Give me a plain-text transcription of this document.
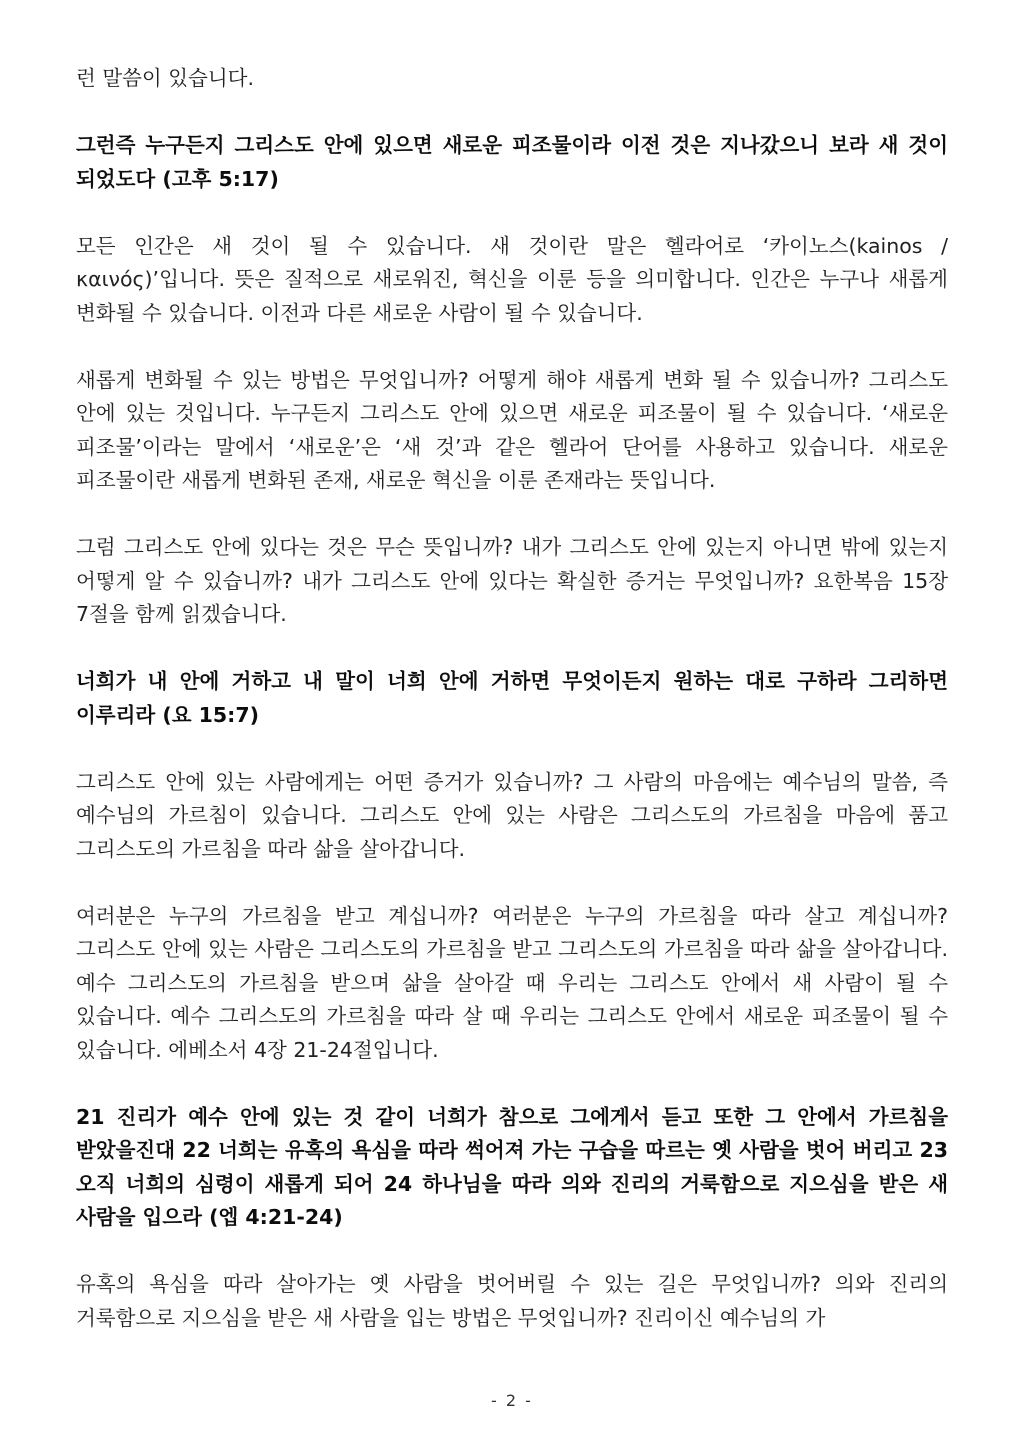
런 말씀이 있습니다.

그런즉 누구든지 그리스도 안에 있으면 새로운 피조물이라 이전 것은 지나갔으니 보라 새 것이 되었도다 (고후 5:17)

모든 인간은 새 것이 될 수 있습니다. 새 것이란 말은 헬라어로 ‘카이노스(kainos / καινός)’입니다. 뜻은 질적으로 새로워진, 혁신을 이룬 등을 의미합니다. 인간은 누구나 새롭게 변화될 수 있습니다. 이전과 다른 새로운 사람이 될 수 있습니다.

새롭게 변화될 수 있는 방법은 무엇입니까? 어떻게 해야 새롭게 변화 될 수 있습니까? 그리스도 안에 있는 것입니다. 누구든지 그리스도 안에 있으면 새로운 피조물이 될 수 있습니다. ‘새로운 피조물’이라는 말에서 ‘새로운’은 ‘새 것’과 같은 헬라어 단어를 사용하고 있습니다. 새로운 피조물이란 새롭게 변화된 존재, 새로운 혁신을 이룬 존재라는 뜻입니다.

그럼 그리스도 안에 있다는 것은 무슨 뜻입니까? 내가 그리스도 안에 있는지 아니면 밖에 있는지 어떻게 알 수 있습니까? 내가 그리스도 안에 있다는 확실한 증거는 무엇입니까? 요한복음 15장 7절을 함께 읽겠습니다.

너희가 내 안에 거하고 내 말이 너희 안에 거하면 무엇이든지 원하는 대로 구하라 그리하면 이루리라 (요 15:7)

그리스도 안에 있는 사람에게는 어떤 증거가 있습니까? 그 사람의 마음에는 예수님의 말씀, 즉 예수님의 가르침이 있습니다. 그리스도 안에 있는 사람은 그리스도의 가르침을 마음에 품고 그리스도의 가르침을 따라 삶을 살아갑니다.

여러분은 누구의 가르침을 받고 계십니까? 여러분은 누구의 가르침을 따라 살고 계십니까? 그리스도 안에 있는 사람은 그리스도의 가르침을 받고 그리스도의 가르침을 따라 삶을 살아갑니다. 예수 그리스도의 가르침을 받으며 삶을 살아갈 때 우리는 그리스도 안에서 새 사람이 될 수 있습니다. 예수 그리스도의 가르침을 따라 살 때 우리는 그리스도 안에서 새로운 피조물이 될 수 있습니다. 에베소서 4장 21-24절입니다.

21 진리가 예수 안에 있는 것 같이 너희가 참으로 그에게서 듣고 또한 그 안에서 가르침을 받았을진대 22 너희는 유혹의 욕심을 따라 썩어져 가는 구습을 따르는 옛 사람을 벗어 버리고 23 오직 너희의 심령이 새롭게 되어 24 하나님을 따라 의와 진리의 거룩함으로 지으심을 받은 새 사람을 입으라 (엡 4:21-24)

유혹의 욕심을 따라 살아가는 옛 사람을 벗어버릴 수 있는 길은 무엇입니까? 의와 진리의 거룩함으로 지으심을 받은 새 사람을 입는 방법은 무엇입니까? 진리이신 예수님의 가

- 2 -
